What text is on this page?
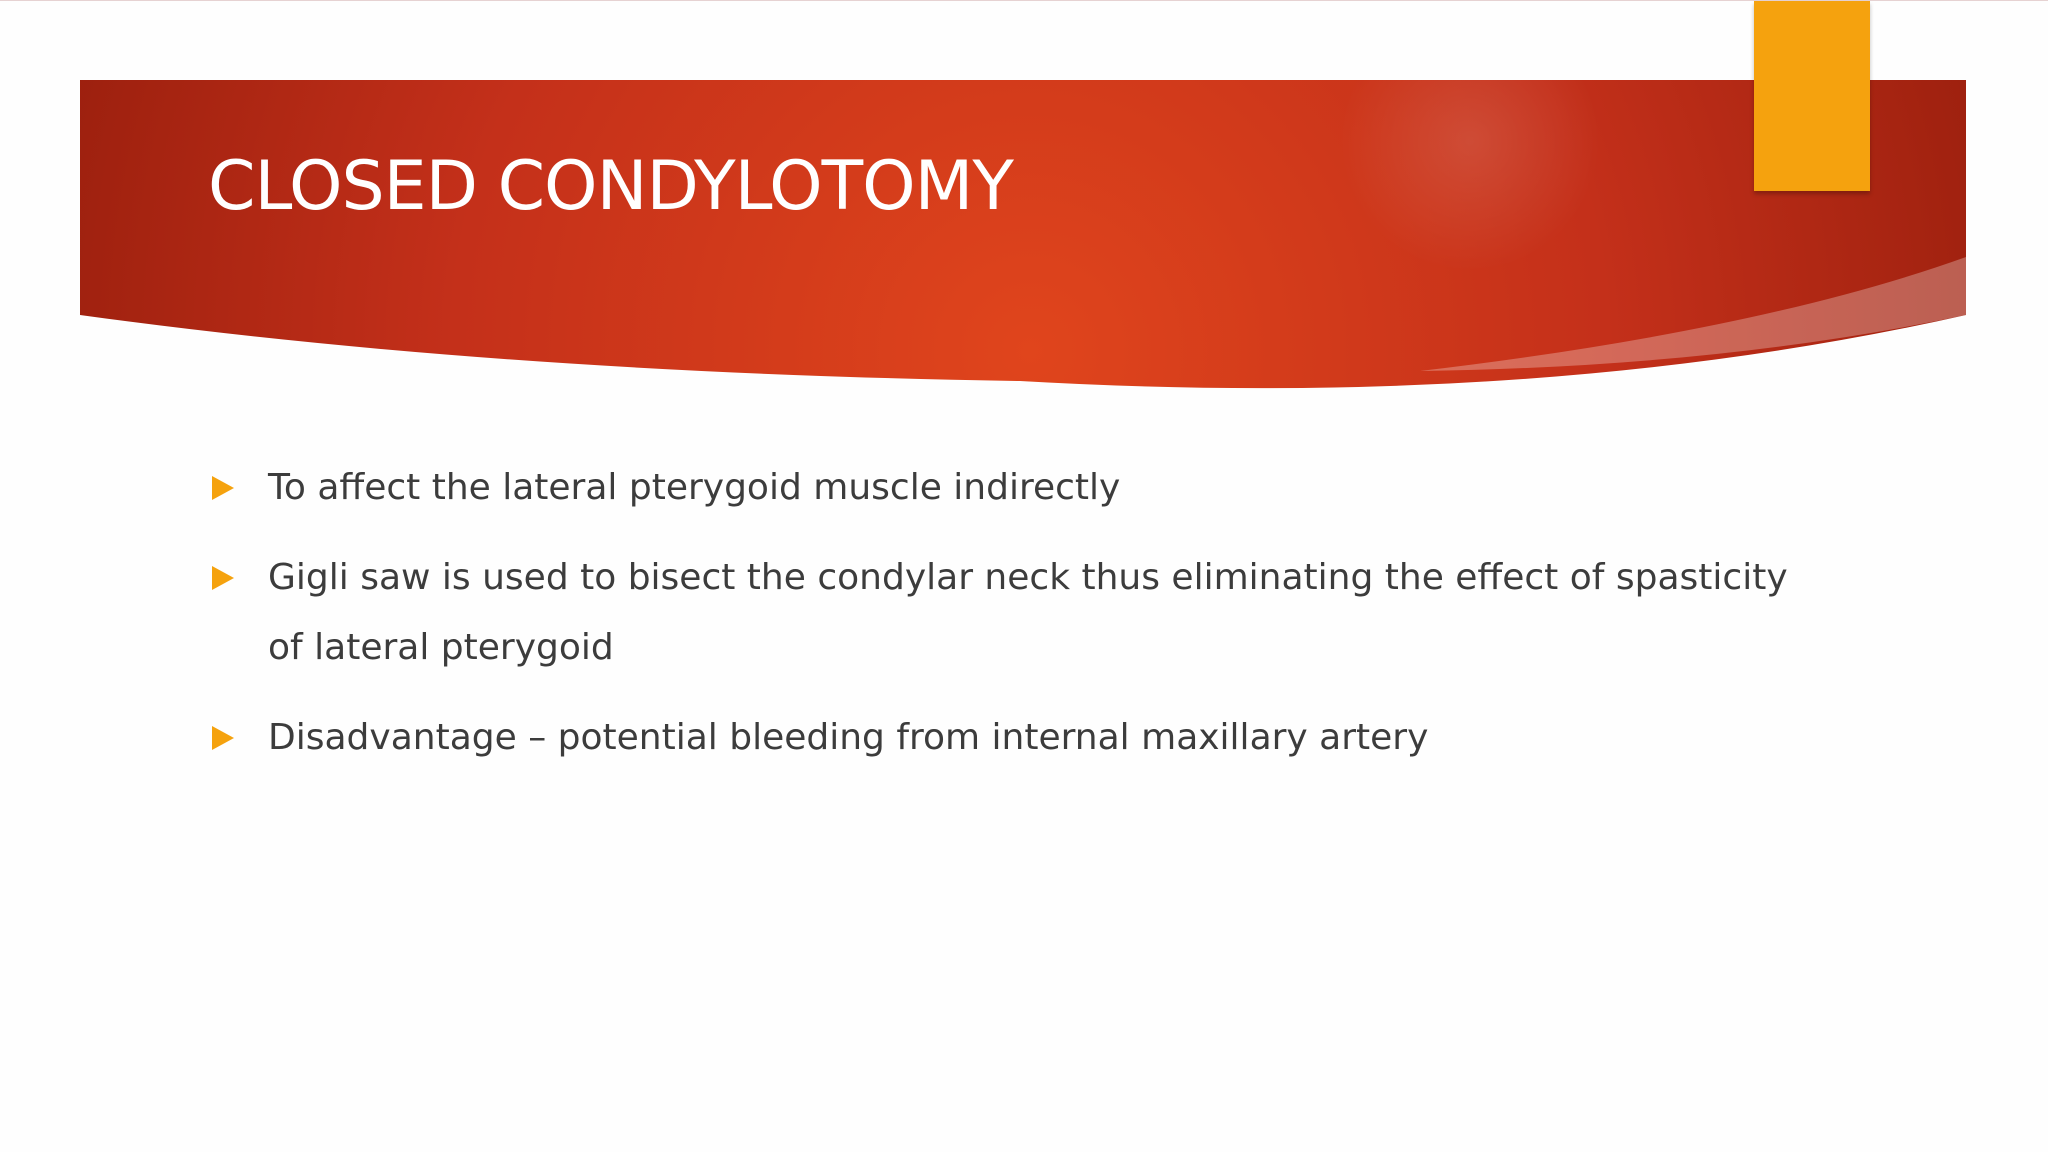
CLOSED CONDYLOTOMY
To affect the lateral pterygoid muscle indirectly
Gigli saw is used to bisect the condylar neck thus eliminating the effect of spasticity of lateral pterygoid
Disadvantage – potential bleeding from internal maxillary artery
